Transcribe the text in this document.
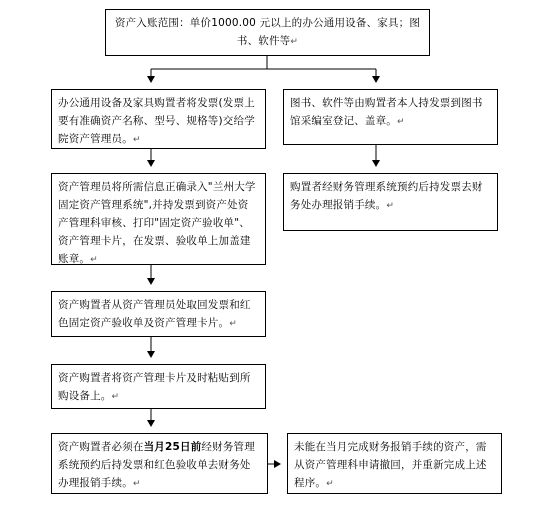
资产入账范围：单价1000.00 元以上的办公通用设备、家具；图书、软件等↵
办公通用设备及家具购置者将发票(发票上要有准确资产名称、型号、规格等)交给学院资产管理员。↵
图书、软件等由购置者本人持发票到图书馆采编室登记、盖章。↵
资产管理员将所需信息正确录入"兰州大学固定资产管理系统",并持发票到资产处资产管理科审核、打印"固定资产验收单"、资产管理卡片，在发票、验收单上加盖建账章。↵
购置者经财务管理系统预约后持发票去财务处办理报销手续。↵
资产购置者从资产管理员处取回发票和红色固定资产验收单及资产管理卡片。↵
资产购置者将资产管理卡片及时粘贴到所购设备上。↵
资产购置者必须在当月25日前经财务管理系统预约后持发票和红色验收单去财务处办理报销手续。↵
未能在当月完成财务报销手续的资产，需从资产管理科申请撤回，并重新完成上述程序。↵
